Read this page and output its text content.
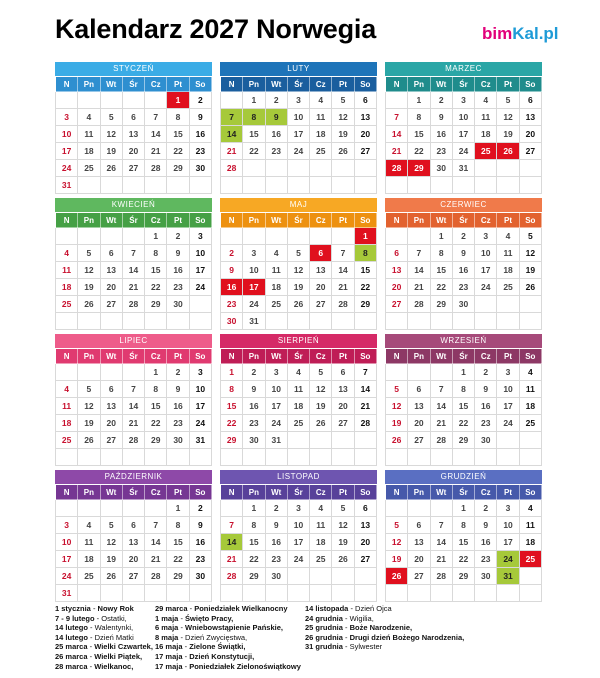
Kalendarz 2027 Norwegia	bimKal.pl
STYCZEŃ
N	Pn	Wt	Śr	Cz	Pt	So
					1	2
3	4	5	6	7	8	9
10	11	12	13	14	15	16
17	18	19	20	21	22	23
24	25	26	27	28	29	30
31						
LUTY
N	Pn	Wt	Śr	Cz	Pt	So
	1	2	3	4	5	6
7	8	9	10	11	12	13
14	15	16	17	18	19	20
21	22	23	24	25	26	27
28						

MARZEC
N	Pn	Wt	Śr	Cz	Pt	So
	1	2	3	4	5	6
7	8	9	10	11	12	13
14	15	16	17	18	19	20
21	22	23	24	25	26	27
28	29	30	31			

KWIECIEŃ
N	Pn	Wt	Śr	Cz	Pt	So
				1	2	3
4	5	6	7	8	9	10
11	12	13	14	15	16	17
18	19	20	21	22	23	24
25	26	27	28	29	30	

MAJ
N	Pn	Wt	Śr	Cz	Pt	So
						1
2	3	4	5	6	7	8
9	10	11	12	13	14	15
16	17	18	19	20	21	22
23	24	25	26	27	28	29
30	31					
CZERWIEC
N	Pn	Wt	Śr	Cz	Pt	So
		1	2	3	4	5
6	7	8	9	10	11	12
13	14	15	16	17	18	19
20	21	22	23	24	25	26
27	28	29	30			

LIPIEC
N	Pn	Wt	Śr	Cz	Pt	So
				1	2	3
4	5	6	7	8	9	10
11	12	13	14	15	16	17
18	19	20	21	22	23	24
25	26	27	28	29	30	31

SIERPIEŃ
N	Pn	Wt	Śr	Cz	Pt	So
1	2	3	4	5	6	7
8	9	10	11	12	13	14
15	16	17	18	19	20	21
22	23	24	25	26	27	28
29	30	31				

WRZESIEŃ
N	Pn	Wt	Śr	Cz	Pt	So
			1	2	3	4
5	6	7	8	9	10	11
12	13	14	15	16	17	18
19	20	21	22	23	24	25
26	27	28	29	30		

PAŹDZIERNIK
N	Pn	Wt	Śr	Cz	Pt	So
					1	2
3	4	5	6	7	8	9
10	11	12	13	14	15	16
17	18	19	20	21	22	23
24	25	26	27	28	29	30
31						
LISTOPAD
N	Pn	Wt	Śr	Cz	Pt	So
	1	2	3	4	5	6
7	8	9	10	11	12	13
14	15	16	17	18	19	20
21	22	23	24	25	26	27
28	29	30				

GRUDZIEŃ
N	Pn	Wt	Śr	Cz	Pt	So
			1	2	3	4
5	6	7	8	9	10	11
12	13	14	15	16	17	18
19	20	21	22	23	24	25
26	27	28	29	30	31	

1 stycznia - Nowy Rok
7 - 9 lutego - Ostatki,
14 lutego - Walentynki,
14 lutego - Dzień Matki
25 marca - Wielki Czwartek,
26 marca - Wielki Piątek,
28 marca - Wielkanoc,
29 marca - Poniedziałek Wielkanocny
1 maja - Święto Pracy,
6 maja - Wniebowstąpienie Pańskie,
8 maja - Dzień Zwycięstwa,
16 maja - Zielone Świątki,
17 maja - Dzień Konstytucji,
17 maja - Poniedziałek Zielonoświątkowy
14 listopada - Dzień Ojca
24 grudnia - Wigilia,
25 grudnia - Boże Narodzenie,
26 grudnia - Drugi dzień Bożego Narodzenia,
31 grudnia - Sylwester
